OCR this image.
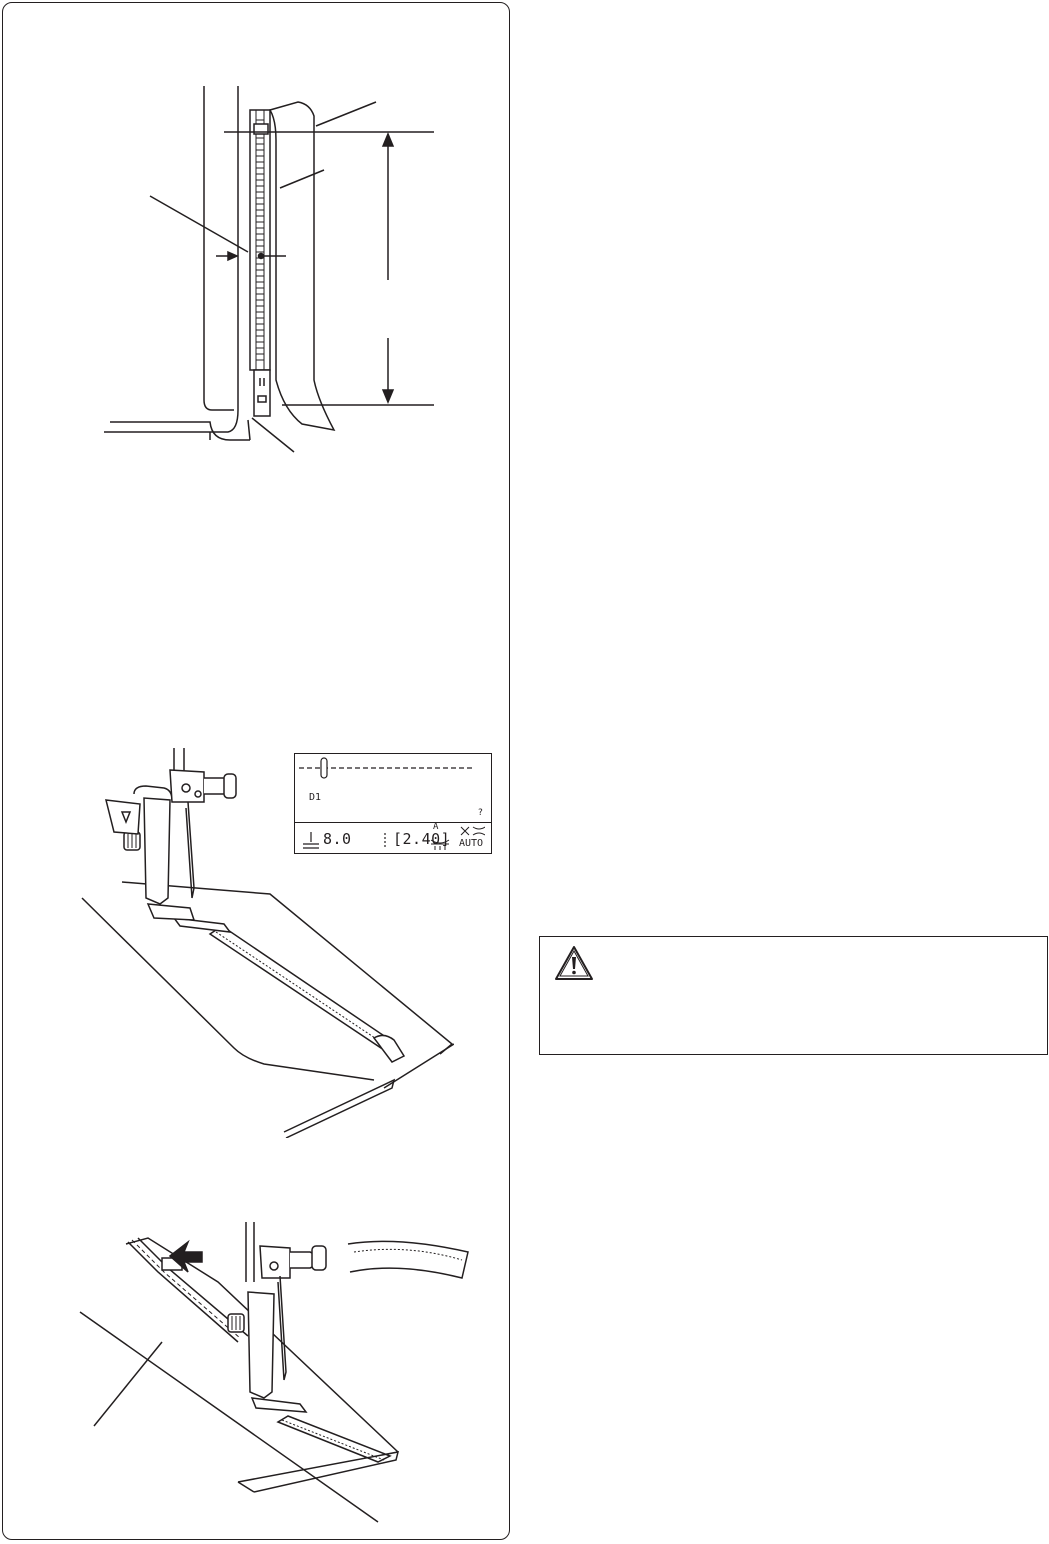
D1
?
8.0	[2.40]
A
AUTO
